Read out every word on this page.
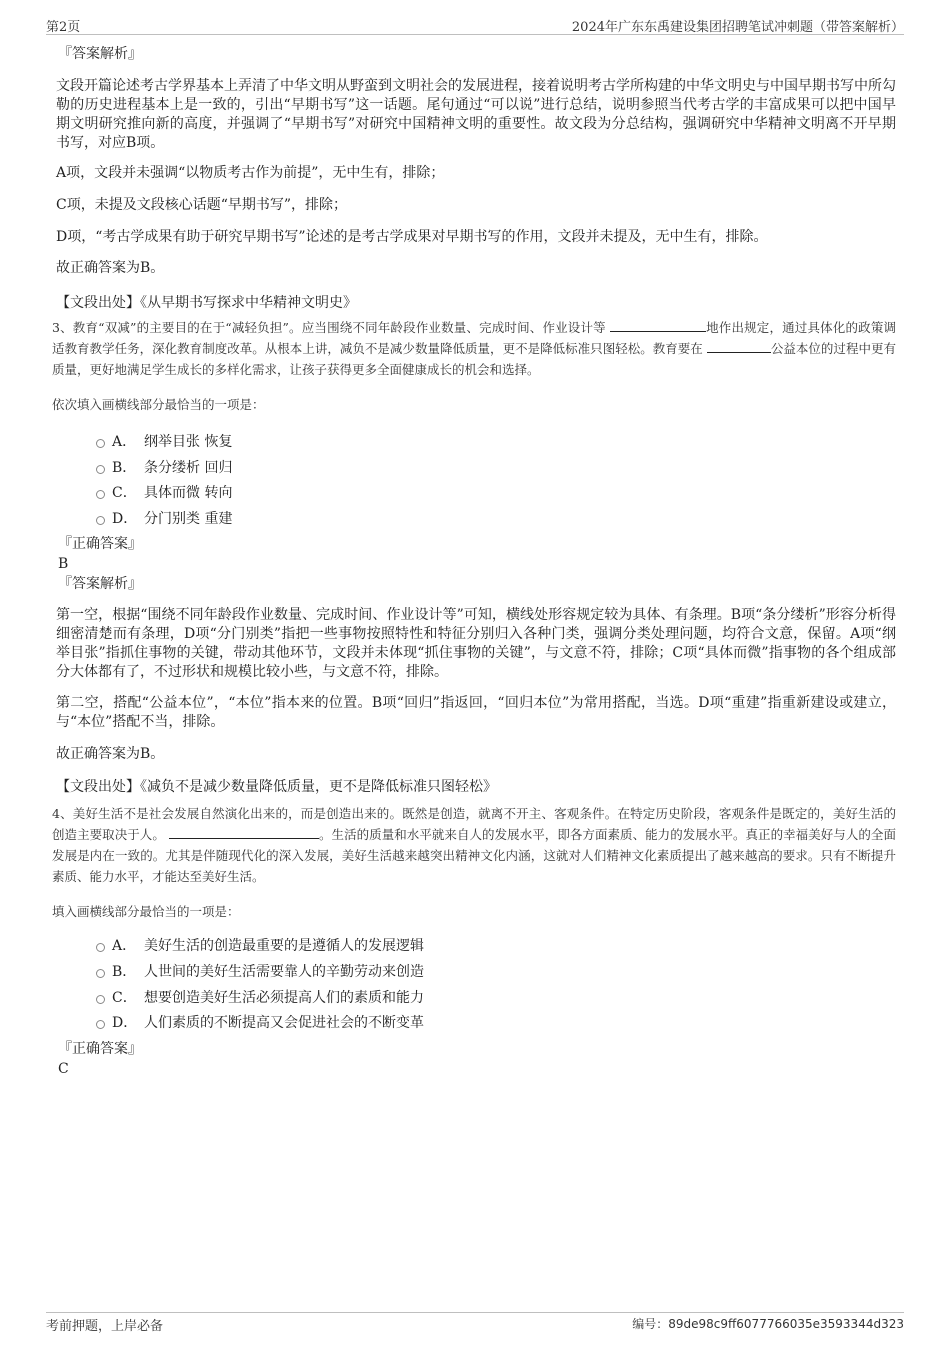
第2页	2024年广东东禹建设集团招聘笔试冲刺题（带答案解析）
『答案解析』

文段开篇论述考古学界基本上弄清了中华文明从野蛮到文明社会的发展进程，接着说明考古学所构建的中华文明史与中国早期书写中所勾勒的历史进程基本上是一致的，引出“早期书写”这一话题。尾句通过“可以说”进行总结，说明参照当代考古学的丰富成果可以把中国早期文明研究推向新的高度，并强调了“早期书写”对研究中国精神文明的重要性。故文段为分总结构，强调研究中华精神文明离不开早期书写，对应B项。

A项，文段并未强调“以物质考古作为前提”，无中生有，排除；

C项，未提及文段核心话题“早期书写”，排除；

D项，“考古学成果有助于研究早期书写”论述的是考古学成果对早期书写的作用，文段并未提及，无中生有，排除。

故正确答案为B。

【文段出处】《从早期书写探求中华精神文明史》

3、教育“双减”的主要目的在于“减轻负担”。应当围绕不同年龄段作业数量、完成时间、作业设计等	地作出规定，通过具体化的政策调适教育教学任务，深化教育制度改革。从根本上讲，减负不是减少数量降低质量，更不是降低标准只图轻松。教育要在	公益本位的过程中更有质量，更好地满足学生成长的多样化需求，让孩子获得更多全面健康成长的机会和选择。
依次填入画横线部分最恰当的一项是：
A． 纲举目张 恢复
B． 条分缕析 回归
C． 具体而微 转向
D． 分门别类 重建
『正确答案』
B
『答案解析』

第一空，根据“围绕不同年龄段作业数量、完成时间、作业设计等”可知，横线处形容规定较为具体、有条理。B项“条分缕析”形容分析得细密清楚而有条理，D项“分门别类”指把一些事物按照特性和特征分别归入各种门类，强调分类处理问题，均符合文意，保留。A项“纲举目张”指抓住事物的关键，带动其他环节，文段并未体现“抓住事物的关键”，与文意不符，排除；C项“具体而微”指事物的各个组成部分大体都有了，不过形状和规模比较小些，与文意不符，排除。

第二空，搭配“公益本位”，“本位”指本来的位置。B项“回归”指返回，“回归本位”为常用搭配，当选。D项“重建”指重新建设或建立，与“本位”搭配不当，排除。

故正确答案为B。

【文段出处】《减负不是减少数量降低质量，更不是降低标准只图轻松》

4、美好生活不是社会发展自然演化出来的，而是创造出来的。既然是创造，就离不开主、客观条件。在特定历史阶段，客观条件是既定的，美好生活的创造主要取决于人。	。生活的质量和水平就来自人的发展水平，即各方面素质、能力的发展水平。真正的幸福美好与人的全面发展是内在一致的。尤其是伴随现代化的深入发展，美好生活越来越突出精神文化内涵，这就对人们精神文化素质提出了越来越高的要求。只有不断提升素质、能力水平，才能达至美好生活。
填入画横线部分最恰当的一项是：
A． 美好生活的创造最重要的是遵循人的发展逻辑
B． 人世间的美好生活需要靠人的辛勤劳动来创造
C． 想要创造美好生活必须提高人们的素质和能力
D． 人们素质的不断提高又会促进社会的不断变革
『正确答案』
C
考前押题，上岸必备	编号：89de98c9ff6077766035e3593344d323
